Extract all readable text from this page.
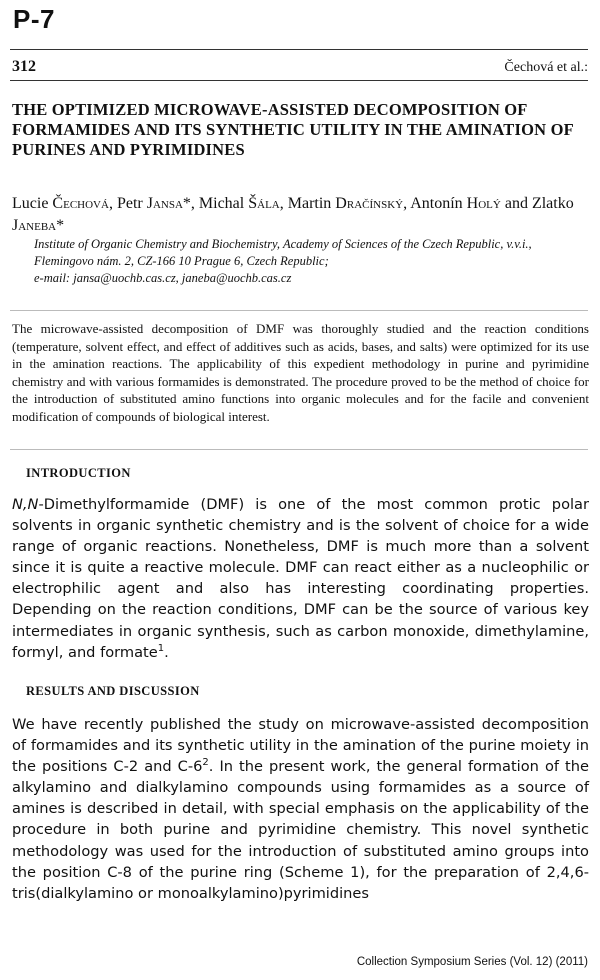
P-7
312	Čechová et al.:
THE OPTIMIZED MICROWAVE-ASSISTED DECOMPOSITION OF FORMAMIDES AND ITS SYNTHETIC UTILITY IN THE AMINATION OF PURINES AND PYRIMIDINES
Lucie Čechová, Petr Jansa*, Michal Šála, Martin Dračínský, Antonín Holý and Zlatko Janeba*
Institute of Organic Chemistry and Biochemistry, Academy of Sciences of the Czech Republic, v.v.i.,
Flemingovo nám. 2, CZ-166 10 Prague 6, Czech Republic;
e-mail: jansa@uochb.cas.cz, janeba@uochb.cas.cz

The microwave-assisted decomposition of DMF was thoroughly studied and the reaction conditions (temperature, solvent effect, and effect of additives such as acids, bases, and salts) were optimized for its use in the amination reactions. The applicability of this expedient methodology in purine and pyrimidine chemistry and with various formamides is demonstrated. The procedure proved to be the method of choice for the introduction of substituted amino functions into organic molecules and for the facile and convenient modification of compounds of biological interest.

INTRODUCTION

N,N-Dimethylformamide (DMF) is one of the most common protic polar solvents in organic synthetic chemistry and is the solvent of choice for a wide range of organic reactions. Nonetheless, DMF is much more than a solvent since it is quite a reactive molecule. DMF can react either as a nucleophilic or electrophilic agent and also has interesting coordinating properties. Depending on the reaction conditions, DMF can be the source of various key intermediates in organic synthesis, such as carbon monoxide, dimethylamine, formyl, and formate$^1$.

RESULTS AND DISCUSSION

We have recently published the study on microwave-assisted decomposition of formamides and its synthetic utility in the amination of the purine moiety in the positions C-2 and $C-6^2$. In the present work, the general formation of the alkylamino and dialkylamino compounds using formamides as a source of amines is described in detail, with special emphasis on the applicability of the procedure in both purine and pyrimidine chemistry. This novel synthetic methodology was used for the introduction of substituted amino groups into the position C-8 of the purine ring (Scheme 1), for the preparation of 2,4,6-tris(dialkylamino or monoalkylamino)pyrimidines

Collection Symposium Series (Vol. 12) (2011)
